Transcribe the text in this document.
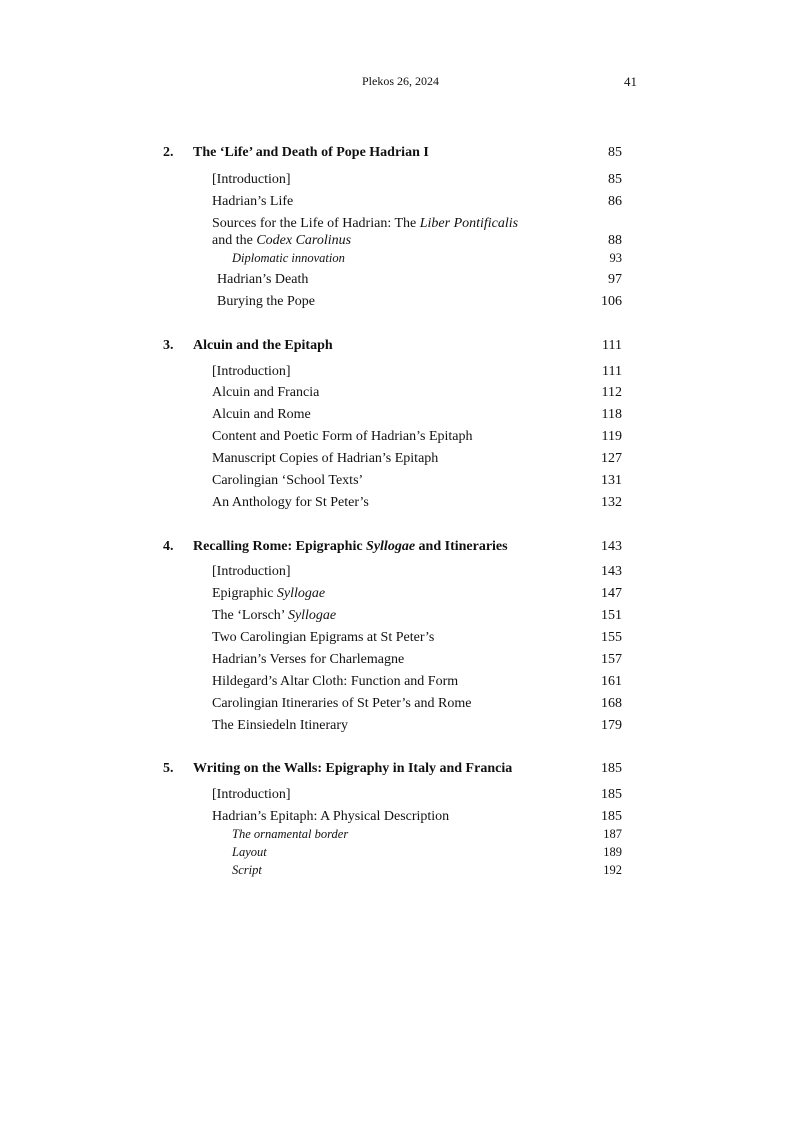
Plekos 26, 2024	41
2. The ‘Life’ and Death of Pope Hadrian I	85
[Introduction]	85
Hadrian’s Life	86
Sources for the Life of Hadrian: The Liber Pontificalis
and the Codex Carolinus	88
Diplomatic innovation	93
Hadrian’s Death	97
Burying the Pope	106
3. Alcuin and the Epitaph	111
[Introduction]	111
Alcuin and Francia	112
Alcuin and Rome	118
Content and Poetic Form of Hadrian’s Epitaph	119
Manuscript Copies of Hadrian’s Epitaph	127
Carolingian ‘School Texts’	131
An Anthology for St Peter’s	132
4. Recalling Rome: Epigraphic Syllogae and Itineraries	143
[Introduction]	143
Epigraphic Syllogae	147
The ‘Lorsch’ Syllogae	151
Two Carolingian Epigrams at St Peter’s	155
Hadrian’s Verses for Charlemagne	157
Hildegard’s Altar Cloth: Function and Form	161
Carolingian Itineraries of St Peter’s and Rome	168
The Einsiedeln Itinerary	179
5. Writing on the Walls: Epigraphy in Italy and Francia	185
[Introduction]	185
Hadrian’s Epitaph: A Physical Description	185
The ornamental border	187
Layout	189
Script	192
